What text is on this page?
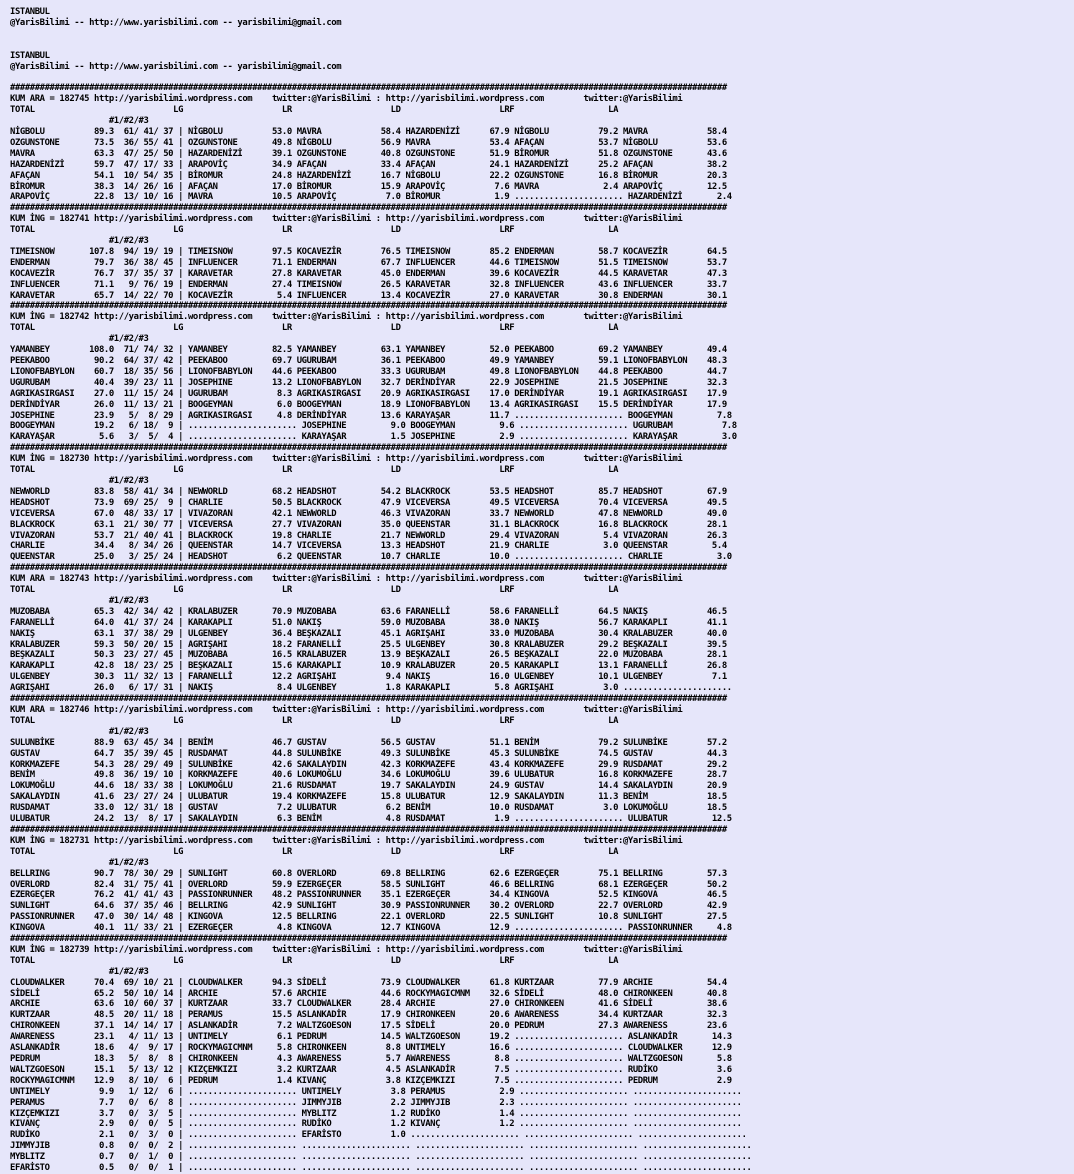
ISTANBUL
@YarisBilimi -- http://www.yarisbilimi.com -- yarisbilimi@gmail.com
ISTANBUL
@YarisBilimi -- http://www.yarisbilimi.com -- yarisbilimi@gmail.com
#################################################################################################################################################
KUM ARA = 182745 http://yarisbilimi.wordpress.com    twitter:@YarisBilimi : http://yarisbilimi.wordpress.com        twitter:@YarisBilimi
TOTAL                            LG                    LR                    LD                    LRF                   LA
#1/#2/#3
NİGBOLU          89.3  61/ 41/ 37 | NİGBOLU          53.0 MAVRA            58.4 HAZARDENİZİ      67.9 NİGBOLU          79.2 MAVRA            58.4
OZGUNSTONE       73.5  36/ 55/ 41 | OZGUNSTONE       49.8 NİGBOLU          56.9 MAVRA            53.4 AFAÇAN           53.7 NİGBOLU          53.6
MAVRA            63.3  47/ 25/ 50 | HAZARDENİZİ      39.1 OZGUNSTONE       40.8 OZGUNSTONE       51.9 BİROMUR          51.8 OZGUNSTONE       43.6
HAZARDENİZİ      59.7  47/ 17/ 33 | ARAPOVİÇ         34.9 AFAÇAN           33.4 AFAÇAN           24.1 HAZARDENİZİ      25.2 AFAÇAN           38.2
AFAÇAN           54.1  10/ 54/ 35 | BİROMUR          24.8 HAZARDENİZİ      16.7 NİGBOLU          22.2 OZGUNSTONE       16.8 BİROMUR          20.3
BİROMUR          38.3  14/ 26/ 16 | AFAÇAN           17.0 BİROMUR          15.9 ARAPOVİÇ          7.6 MAVRA             2.4 ARAPOVİÇ         12.5
ARAPOVİÇ         22.8  13/ 10/ 16 | MAVRA            10.5 ARAPOVİÇ          7.0 BİROMUR           1.9 ...................... HAZARDENİZİ       2.4
#################################################################################################################################################
KUM İNG = 182741 http://yarisbilimi.wordpress.com    twitter:@YarisBilimi : http://yarisbilimi.wordpress.com        twitter:@YarisBilimi
TOTAL                            LG                    LR                    LD                    LRF                   LA
#1/#2/#3
TIMEISNOW       107.8  94/ 19/ 19 | TIMEISNOW        97.5 KOCAVEZİR        76.5 TIMEISNOW        85.2 ENDERMAN         58.7 KOCAVEZİR        64.5
ENDERMAN         79.7  36/ 38/ 45 | INFLUENCER       71.1 ENDERMAN         67.7 INFLUENCER       44.6 TIMEISNOW        51.5 TIMEISNOW        53.7
KOCAVEZİR        76.7  37/ 35/ 37 | KARAVETAR        27.8 KARAVETAR        45.0 ENDERMAN         39.6 KOCAVEZİR        44.5 KARAVETAR        47.3
INFLUENCER       71.1   9/ 76/ 19 | ENDERMAN         27.4 TIMEISNOW        26.5 KARAVETAR        32.8 INFLUENCER       43.6 INFLUENCER       33.7
KARAVETAR        65.7  14/ 22/ 70 | KOCAVEZİR         5.4 INFLUENCER       13.4 KOCAVEZİR        27.0 KARAVETAR        30.8 ENDERMAN         30.1
#################################################################################################################################################
KUM İNG = 182742 http://yarisbilimi.wordpress.com    twitter:@YarisBilimi : http://yarisbilimi.wordpress.com        twitter:@YarisBilimi
TOTAL                            LG                    LR                    LD                    LRF                   LA
#1/#2/#3
YAMANBEY        108.0  71/ 74/ 32 | YAMANBEY         82.5 YAMANBEY         63.1 YAMANBEY         52.0 PEEKABOO         69.2 YAMANBEY         49.4
PEEKABOO         90.2  64/ 37/ 42 | PEEKABOO         69.7 UGURUBAM         36.1 PEEKABOO         49.9 YAMANBEY         59.1 LIONOFBABYLON    48.3
LIONOFBABYLON    60.7  18/ 35/ 56 | LIONOFBABYLON    44.6 PEEKABOO         33.3 UGURUBAM         49.8 LIONOFBABYLON    44.8 PEEKABOO         44.7
UGURUBAM         40.4  39/ 23/ 11 | JOSEPHINE        13.2 LIONOFBABYLON    32.7 DERİNDİYAR       22.9 JOSEPHINE        21.5 JOSEPHINE        32.3
AGRIKASIRGASI    27.0  11/ 15/ 24 | UGURUBAM          8.3 AGRIKASIRGASI    20.9 AGRIKASIRGASI    17.0 DERİNDİYAR       19.1 AGRIKASIRGASI    17.9
DERİNDİYAR       26.0  11/ 13/ 21 | BOOGEYMAN         6.0 BOOGEYMAN        18.9 LIONOFBABYLON    13.4 AGRIKASIRGASI    15.5 DERİNDİYAR       17.9
JOSEPHINE        23.9   5/  8/ 29 | AGRIKASIRGASI     4.8 DERİNDİYAR       13.6 KARAYAŞAR        11.7 ...................... BOOGEYMAN         7.8
BOOGEYMAN        19.2   6/ 18/  9 | ...................... JOSEPHINE         9.0 BOOGEYMAN         9.6 ...................... UGURUBAM          7.8
KARAYAŞAR         5.6   3/  5/  4 | ...................... KARAYAŞAR         1.5 JOSEPHINE         2.9 ...................... KARAYAŞAR         3.0
#################################################################################################################################################
KUM İNG = 182730 http://yarisbilimi.wordpress.com    twitter:@YarisBilimi : http://yarisbilimi.wordpress.com        twitter:@YarisBilimi
TOTAL                            LG                    LR                    LD                    LRF                   LA
#1/#2/#3
NEWWORLD         83.8  58/ 41/ 34 | NEWWORLD         68.2 HEADSHOT         54.2 BLACKROCK        53.5 HEADSHOT         85.7 HEADSHOT         67.9
HEADSHOT         73.9  69/ 25/  9 | CHARLIE          50.5 BLACKROCK        47.9 VICEVERSA        49.5 VICEVERSA        70.4 VICEVERSA        49.5
VICEVERSA        67.0  48/ 33/ 17 | VIVAZORAN        42.1 NEWWORLD         46.3 VIVAZORAN        33.7 NEWWORLD         47.8 NEWWORLD         49.0
BLACKROCK        63.1  21/ 30/ 77 | VICEVERSA        27.7 VIVAZORAN        35.0 QUEENSTAR        31.1 BLACKROCK        16.8 BLACKROCK        28.1
VIVAZORAN        53.7  21/ 40/ 41 | BLACKROCK        19.8 CHARLIE          21.7 NEWWORLD         29.4 VIVAZORAN         5.4 VIVAZORAN        26.3
CHARLIE          34.4   8/ 34/ 26 | QUEENSTAR        14.7 VICEVERSA        13.3 HEADSHOT         21.9 CHARLIE           3.0 QUEENSTAR         5.4
QUEENSTAR        25.0   3/ 25/ 24 | HEADSHOT          6.2 QUEENSTAR        10.7 CHARLIE          10.0 ...................... CHARLIE           3.0
#################################################################################################################################################
KUM ARA = 182743 http://yarisbilimi.wordpress.com    twitter:@YarisBilimi : http://yarisbilimi.wordpress.com        twitter:@YarisBilimi
TOTAL                            LG                    LR                    LD                    LRF                   LA
#1/#2/#3
MUZOBABA         65.3  42/ 34/ 42 | KRALABUZER       70.9 MUZOBABA         63.6 FARANELLİ        58.6 FARANELLİ        64.5 NAKIŞ            46.5
FARANELLİ        64.0  41/ 37/ 24 | KARAKAPLI        51.0 NAKIŞ            59.0 MUZOBABA         38.0 NAKIŞ            56.7 KARAKAPLI        41.1
NAKIŞ            63.1  37/ 38/ 29 | ULGENBEY         36.4 BEŞKAZALI        45.1 AGRIŞAHI         33.0 MUZOBABA         30.4 KRALABUZER       40.0
KRALABUZER       59.3  50/ 20/ 15 | AGRIŞAHI         18.2 FARANELLİ        25.5 ULGENBEY         30.8 KRALABUZER       29.2 BEŞKAZALI        39.5
BEŞKAZALI        50.3  23/ 27/ 45 | MUZOBABA         16.5 KRALABUZER       13.9 BEŞKAZALI        26.5 BEŞKAZALI        22.0 MUZOBABA         28.1
KARAKAPLI        42.8  18/ 23/ 25 | BEŞKAZALI        15.6 KARAKAPLI        10.9 KRALABUZER       20.5 KARAKAPLI        13.1 FARANELLİ        26.8
ULGENBEY         30.3  11/ 32/ 13 | FARANELLİ        12.2 AGRIŞAHI          9.4 NAKIŞ            16.0 ULGENBEY         10.1 ULGENBEY          7.1
AGRIŞAHI         26.0   6/ 17/ 31 | NAKIŞ             8.4 ULGENBEY          1.8 KARAKAPLI         5.8 AGRIŞAHI          3.0 ......................
#################################################################################################################################################
KUM ARA = 182746 http://yarisbilimi.wordpress.com    twitter:@YarisBilimi : http://yarisbilimi.wordpress.com        twitter:@YarisBilimi
TOTAL                            LG                    LR                    LD                    LRF                   LA
#1/#2/#3
SULUNBİKE        88.9  63/ 45/ 34 | BENİM            46.7 GUSTAV           56.5 GUSTAV           51.1 BENİM            79.2 SULUNBİKE        57.2
GUSTAV           64.7  35/ 39/ 45 | RUSDAMAT         44.8 SULUNBİKE        49.3 SULUNBİKE        45.3 SULUNBİKE        74.5 GUSTAV           44.3
KORKMAZEFE       54.3  28/ 29/ 49 | SULUNBİKE        42.6 SAKALAYDIN       42.3 KORKMAZEFE       43.4 KORKMAZEFE       29.9 RUSDAMAT         29.2
BENİM            49.8  36/ 19/ 10 | KORKMAZEFE       40.6 LOKUMOĞLU        34.6 LOKUMOĞLU        39.6 ULUBATUR         16.8 KORKMAZEFE       28.7
LOKUMOĞLU        44.6  18/ 33/ 38 | LOKUMOĞLU        21.6 RUSDAMAT         19.7 SAKALAYDIN       24.9 GUSTAV           14.4 SAKALAYDIN       20.9
SAKALAYDIN       41.6  23/ 27/ 24 | ULUBATUR         19.4 KORKMAZEFE       15.8 ULUBATUR         12.9 SAKALAYDIN       11.3 BENİM            18.5
RUSDAMAT         33.0  12/ 31/ 18 | GUSTAV            7.2 ULUBATUR          6.2 BENİM            10.0 RUSDAMAT          3.0 LOKUMOĞLU        18.5
ULUBATUR         24.2  13/  8/ 17 | SAKALAYDIN        6.3 BENİM             4.8 RUSDAMAT          1.9 ...................... ULUBATUR         12.5
#################################################################################################################################################
KUM İNG = 182731 http://yarisbilimi.wordpress.com    twitter:@YarisBilimi : http://yarisbilimi.wordpress.com        twitter:@YarisBilimi
TOTAL                            LG                    LR                    LD                    LRF                   LA
#1/#2/#3
BELLRING         90.7  78/ 30/ 29 | SUNLIGHT         60.8 OVERLORD         69.8 BELLRING         62.6 EZERGEÇER        75.1 BELLRING         57.3
OVERLORD         82.4  31/ 75/ 41 | OVERLORD         59.9 EZERGEÇER        58.5 SUNLIGHT         46.6 BELLRING         68.1 EZERGEÇER        50.2
EZERGEÇER        76.2  41/ 41/ 43 | PASSIONRUNNER    48.2 PASSIONRUNNER    35.1 EZERGEÇER        34.4 KINGOVA          52.5 KINGOVA          46.5
SUNLIGHT         64.6  37/ 35/ 46 | BELLRING         42.9 SUNLIGHT         30.9 PASSIONRUNNER    30.2 OVERLORD         22.7 OVERLORD         42.9
PASSIONRUNNER    47.0  30/ 14/ 48 | KINGOVA          12.5 BELLRING         22.1 OVERLORD         22.5 SUNLIGHT         10.8 SUNLIGHT         27.5
KINGOVA          40.1  11/ 33/ 21 | EZERGEÇER         4.8 KINGOVA          12.7 KINGOVA          12.9 ...................... PASSIONRUNNER     4.8
#################################################################################################################################################
KUM İNG = 182739 http://yarisbilimi.wordpress.com    twitter:@YarisBilimi : http://yarisbilimi.wordpress.com        twitter:@YarisBilimi
TOTAL                            LG                    LR                    LD                    LRF                   LA
#1/#2/#3
CLOUDWALKER      70.4  69/ 10/ 21 | CLOUDWALKER      94.3 SİDELİ           73.9 CLOUDWALKER      61.8 KURTZAAR         77.9 ARCHIE           54.4
SİDELİ           65.2  50/ 10/ 14 | ARCHIE           57.6 ARCHIE           44.6 ROCKYMAGICMNM    32.6 SİDELİ           48.0 CHIRONKEEN       40.8
ARCHIE           63.6  10/ 60/ 37 | KURTZAAR         33.7 CLOUDWALKER      28.4 ARCHIE           27.0 CHIRONKEEN       41.6 SİDELİ           38.6
KURTZAAR         48.5  20/ 11/ 18 | PERAMUS          15.5 ASLANKADİR       17.9 CHIRONKEEN       20.6 AWARENESS        34.4 KURTZAAR         32.3
CHIRONKEEN       37.1  14/ 14/ 17 | ASLANKADİR        7.2 WALTZGOESON      17.5 SİDELİ           20.0 PEDRUM           27.3 AWARENESS        23.6
AWARENESS        23.1   4/ 11/ 13 | UNTIMELY          6.1 PEDRUM           14.5 WALTZGOESON      19.2 ...................... ASLANKADİR       14.3
ASLANKADİR       18.6   4/  9/ 17 | ROCKYMAGICMNM     5.8 CHIRONKEEN        8.8 UNTIMELY         16.6 ...................... CLOUDWALKER      12.9
PEDRUM           18.3   5/  8/  8 | CHIRONKEEN        4.3 AWARENESS         5.7 AWARENESS         8.8 ...................... WALTZGOESON       5.8
WALTZGOESON      15.1   5/ 13/ 12 | KIZÇEMKIZI        3.2 KURTZAAR          4.5 ASLANKADİR        7.5 ...................... RUDİKO            3.6
ROCKYMAGICMNM    12.9   8/ 10/  6 | PEDRUM            1.4 KIVANÇ            3.8 KIZÇEMKIZI        7.5 ...................... PEDRUM            2.9
UNTIMELY          9.9   1/ 12/  6 | ...................... UNTIMELY          3.8 PERAMUS           2.9 ...................... ......................
PERAMUS           7.7   0/  6/  8 | ...................... JIMMYJIB          2.2 JIMMYJIB          2.3 ...................... ......................
KIZÇEMKIZI        3.7   0/  3/  5 | ...................... MYBLITZ           1.2 RUDİKO            1.4 ...................... ......................
KIVANÇ            2.9   0/  0/  5 | ...................... RUDİKO            1.2 KIVANÇ            1.2 ...................... ......................
RUDİKO            2.1   0/  3/  0 | ...................... EFARİSTO          1.0 ...................... ...................... ......................
JIMMYJIB          0.8   0/  0/  2 | ...................... ...................... ...................... ...................... ......................
MYBLITZ           0.7   0/  1/  0 | ...................... ...................... ...................... ...................... ......................
EFARİSTO          0.5   0/  0/  1 | ...................... ...................... ...................... ...................... ......................
